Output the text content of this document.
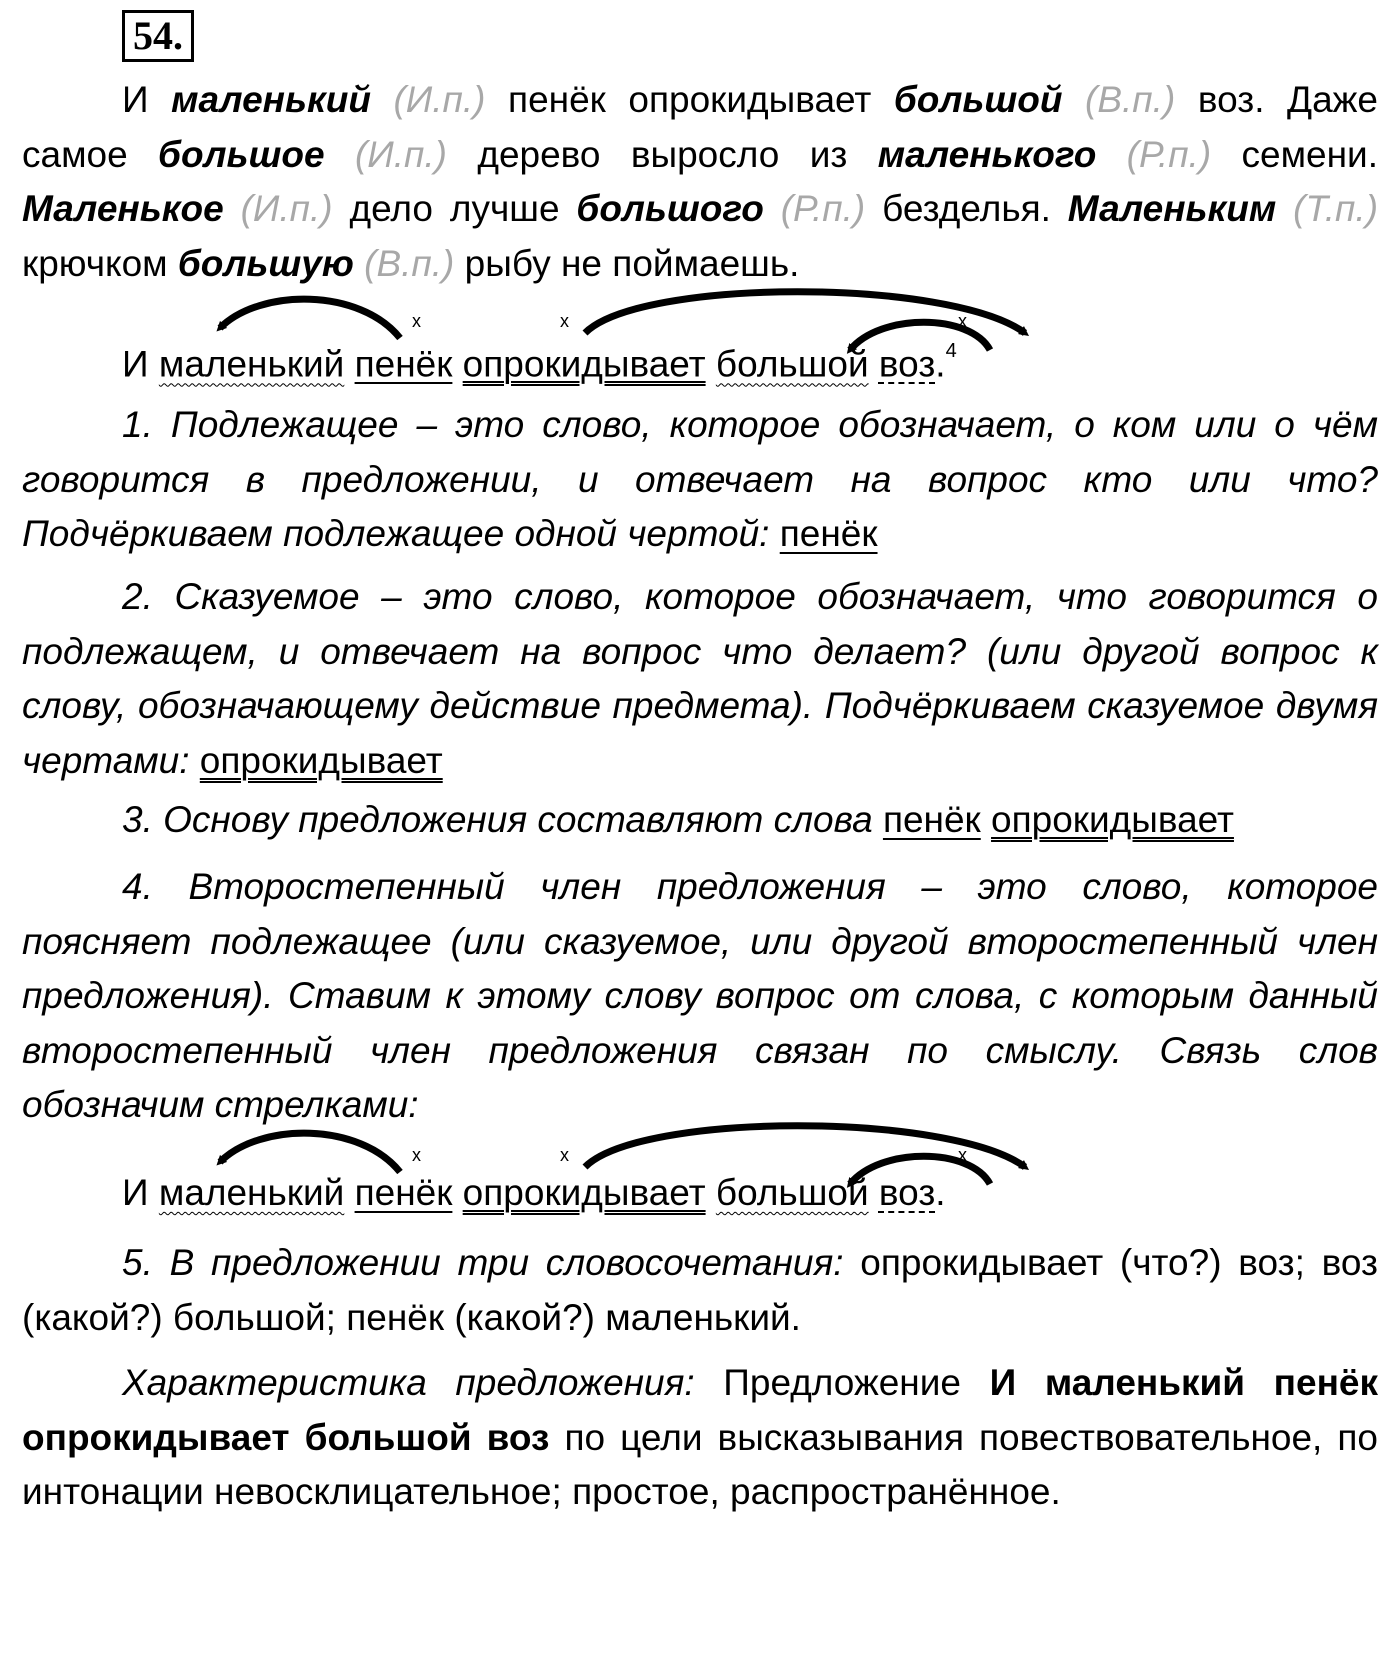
54.

И маленький (И.п.) пенёк опрокидывает большой (В.п.) воз. Даже самое большое (И.п.) дерево выросло из маленького (Р.п.) семени. Маленькое (И.п.) дело лучше большого (Р.п.) безделья. Маленьким (Т.п.) крючком большую (В.п.) рыбу не поймаешь.

x	x	x
И маленький пенёк опрокидывает большой воз.$^4$

1. Подлежащее – это слово, которое обозначает, о ком или о чём говорится в предложении, и отвечает на вопрос кто или что? Подчёркиваем подлежащее одной чертой: пенёк

2. Сказуемое – это слово, которое обозначает, что говорится о подлежащем, и отвечает на вопрос что делает? (или другой вопрос к слову, обозначающему действие предмета). Подчёркиваем сказуемое двумя чертами: опрокидывает

3. Основу предложения составляют слова пенёк опрокидывает

4. Второстепенный член предложения – это слово, которое поясняет подлежащее (или сказуемое, или другой второстепенный член предложения). Ставим к этому слову вопрос от слова, с которым данный второстепенный член предложения связан по смыслу. Связь слов обозначим стрелками:

x	x	x
И маленький пенёк опрокидывает большой воз.

5. В предложении три словосочетания: опрокидывает (что?) воз; воз (какой?) большой; пенёк (какой?) маленький.

Характеристика предложения: Предложение И маленький пенёк опрокидывает большой воз по цели высказывания повествовательное, по интонации невосклицательное; простое, распространённое.
